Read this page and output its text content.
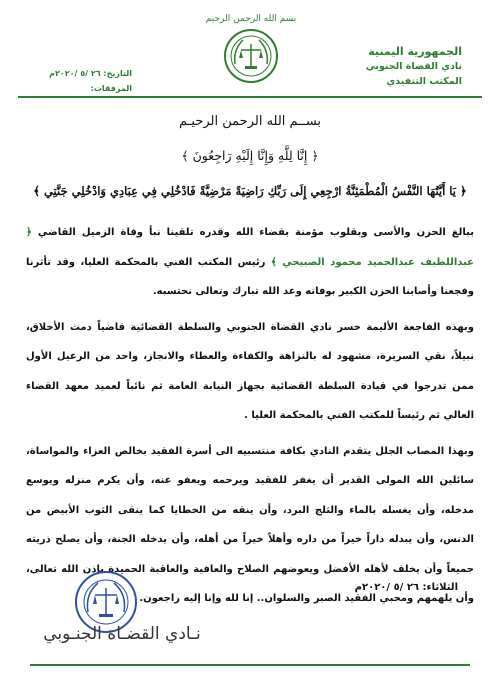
الجمهورية اليمنية
نادي القضاة الجنوبي
المكتب التنفيذي
بسم الله الرحمن الرحيم
التاريخ: ٢٦ /٥ /٢٠٢٠م
المرفقات:
بســم الله الرحمن الرحيـم
﴿ إِنَّا لِلَّهِ وَإِنَّا إِلَيْهِ رَاجِعُونَ ﴾
﴿ يَا أَيَّتُهَا النَّفْسُ الْمُطْمَئِنَّةُ ارْجِعِي إِلَى رَبِّكِ رَاضِيَةً مَرْضِيَّةً فَادْخُلِي فِي عِبَادِي وَادْخُلِي جَنَّتِي ﴾

ببالغ الحزن والأسى وبقلوب مؤمنة بقضاء الله وقدره تلقينا نبأ وفاة الزميل القاضي ﴿ عبداللطيف عبدالحميد محمود الصبيحي ﴾ رئيس المكتب الفني بالمحكمة العليا، وقد تأثرنا وفجعنا وأصابنا الحزن الكبير بوفاته وعد الله تبارك وتعالى نحتسبه.

وبهذه الفاجعة الأليمة خسر نادي القضاة الجنوبي والسلطة القضائية قاضياً دمث الأخلاق، نبيلاً، نقي السريرة، مشهود له بالنزاهة والكفاءة والعطاء والانجاز، واحد من الرعيل الأول ممن تدرجوا في قيادة السلطة القضائية بجهاز النيابة العامة ثم نائباً لعميد معهد القضاء العالي ثم رئيساً للمكتب الفني بالمحكمة العليا .

وبهذا المصاب الجلل يتقدم النادي بكافة منتسبيه الى أسرة الفقيد بخالص العزاء والمواساة، سائلين الله المولى القدير أن يغفر للفقيد ويرحمه ويعفو عنه، وأن يكرم منزله ويوسع مدخله، وأن يغسله بالماء والثلج البرد، وأن ينقه من الخطايا كما ينقى الثوب الأبيض من الدنس، وأن يبدله داراً خيراً من داره وأهلاً خيراً من أهله، وأن يدخله الجنة، وأن يصلح ذريته جميعاً وأن يخلف لأهله الأفضل ويعوضهم الصلاح والعافية والعاقبة الحميدة بإذن الله تعالى، وأن يلهمهم ومحبي الفقيد الصبر والسلوان.. إنا لله وإنا إليه راجعون.

الثلاثاء: ٢٦ /٥ /٢٠٢٠م
نـادي القضـاة الجنـوبي
